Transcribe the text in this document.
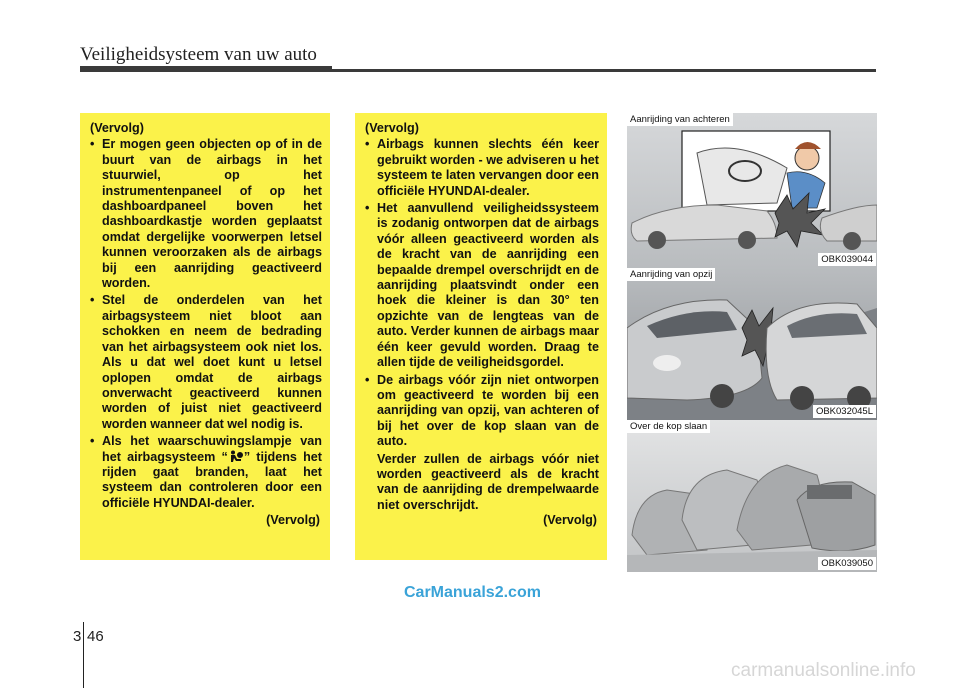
Veiligheidsysteem van uw auto
(Vervolg)
• Er mogen geen objecten op of in de buurt van de airbags in het stuurwiel, op het instrumentenpaneel of op het dashboardpaneel boven het dashboardkastje worden geplaatst omdat dergelijke voorwerpen letsel kunnen veroorzaken als de airbags bij een aanrijding geactiveerd worden.
• Stel de onderdelen van het airbagsysteem niet bloot aan schokken en neem de bedrading van het airbagsysteem ook niet los. Als u dat wel doet kunt u letsel oplopen omdat de airbags onverwacht geactiveerd kunnen worden of juist niet geactiveerd worden wanneer dat wel nodig is.
• Als het waarschuwingslampje van het airbagsysteem “ ” tijdens het rijden gaat branden, laat het systeem dan controleren door een officiële HYUNDAI-dealer.
(Vervolg)
(Vervolg)
• Airbags kunnen slechts één keer gebruikt worden - we adviseren u het systeem te laten vervangen door een officiële HYUNDAI-dealer.
• Het aanvullend veiligheidssysteem is zodanig ontworpen dat de airbags vóór alleen geactiveerd worden als de kracht van de aanrijding een bepaalde drempel overschrijdt en de aanrijding plaatsvindt onder een hoek die kleiner is dan 30° ten opzichte van de lengteas van de auto. Verder kunnen de airbags maar één keer gevuld worden. Draag te allen tijde de veiligheidsgordel.
• De airbags vóór zijn niet ontworpen om geactiveerd te worden bij een aanrijding van opzij, van achteren of bij het over de kop slaan van de auto.
Verder zullen de airbags vóór niet worden geactiveerd als de kracht van de aanrijding de drempelwaarde niet overschrijdt.
(Vervolg)
Aanrijding van achteren
OBK039044
Aanrijding van opzij
OBK032045L
Over de kop slaan
OBK039050
CarManuals2.com
3 46
carmanualsonline.info
